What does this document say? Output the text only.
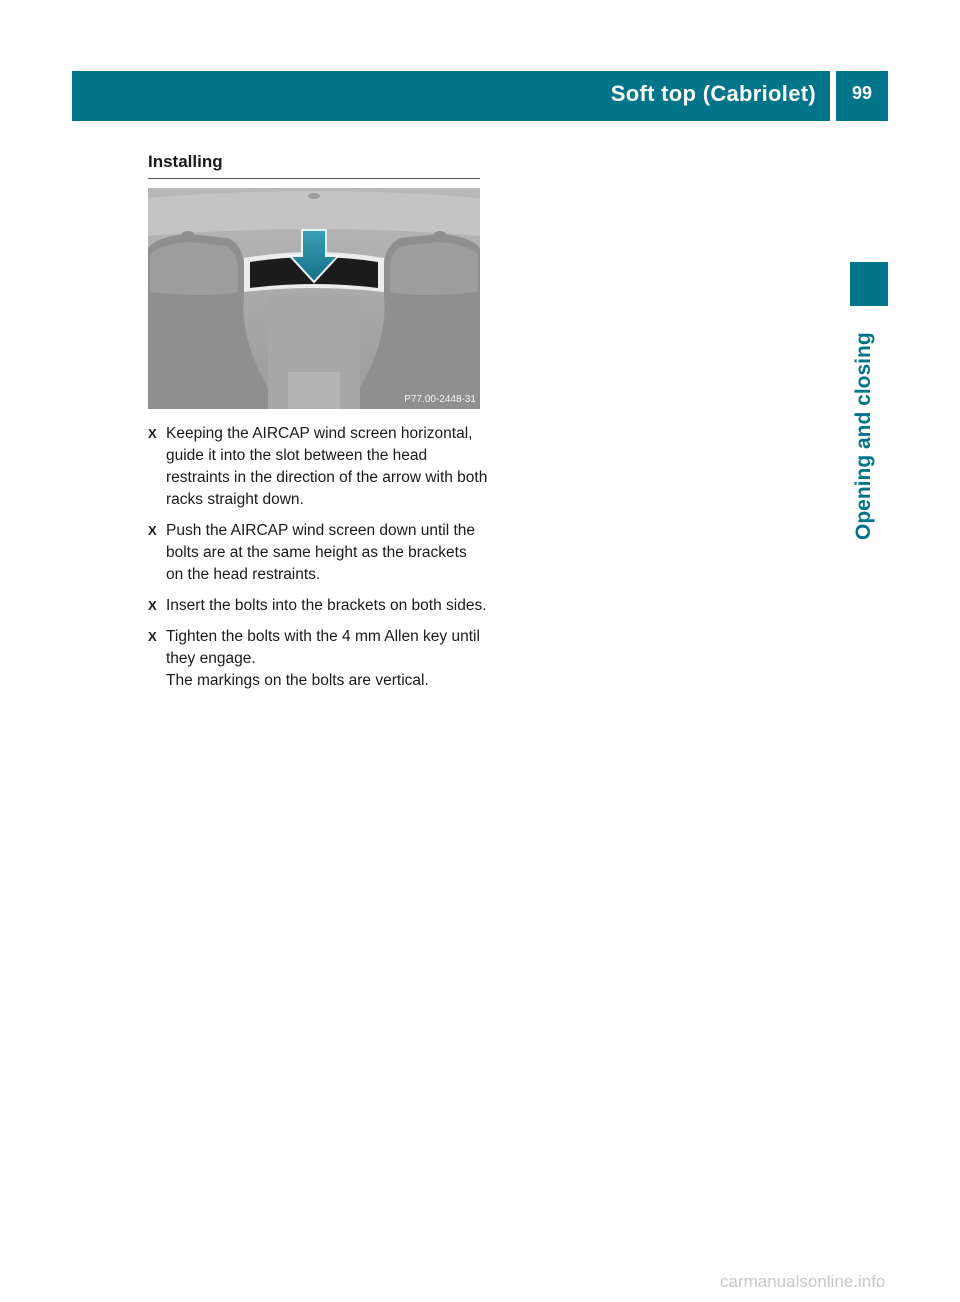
Soft top (Cabriolet)	99
Opening and closing
Installing
P77.00-2448-31
X Keeping the AIRCAP wind screen horizontal, guide it into the slot between the head restraints in the direction of the arrow with both racks straight down.
X Push the AIRCAP wind screen down until the bolts are at the same height as the brackets on the head restraints.
X Insert the bolts into the brackets on both sides.
X Tighten the bolts with the 4 mm Allen key until they engage.
The markings on the bolts are vertical.
carmanualsonline.info
